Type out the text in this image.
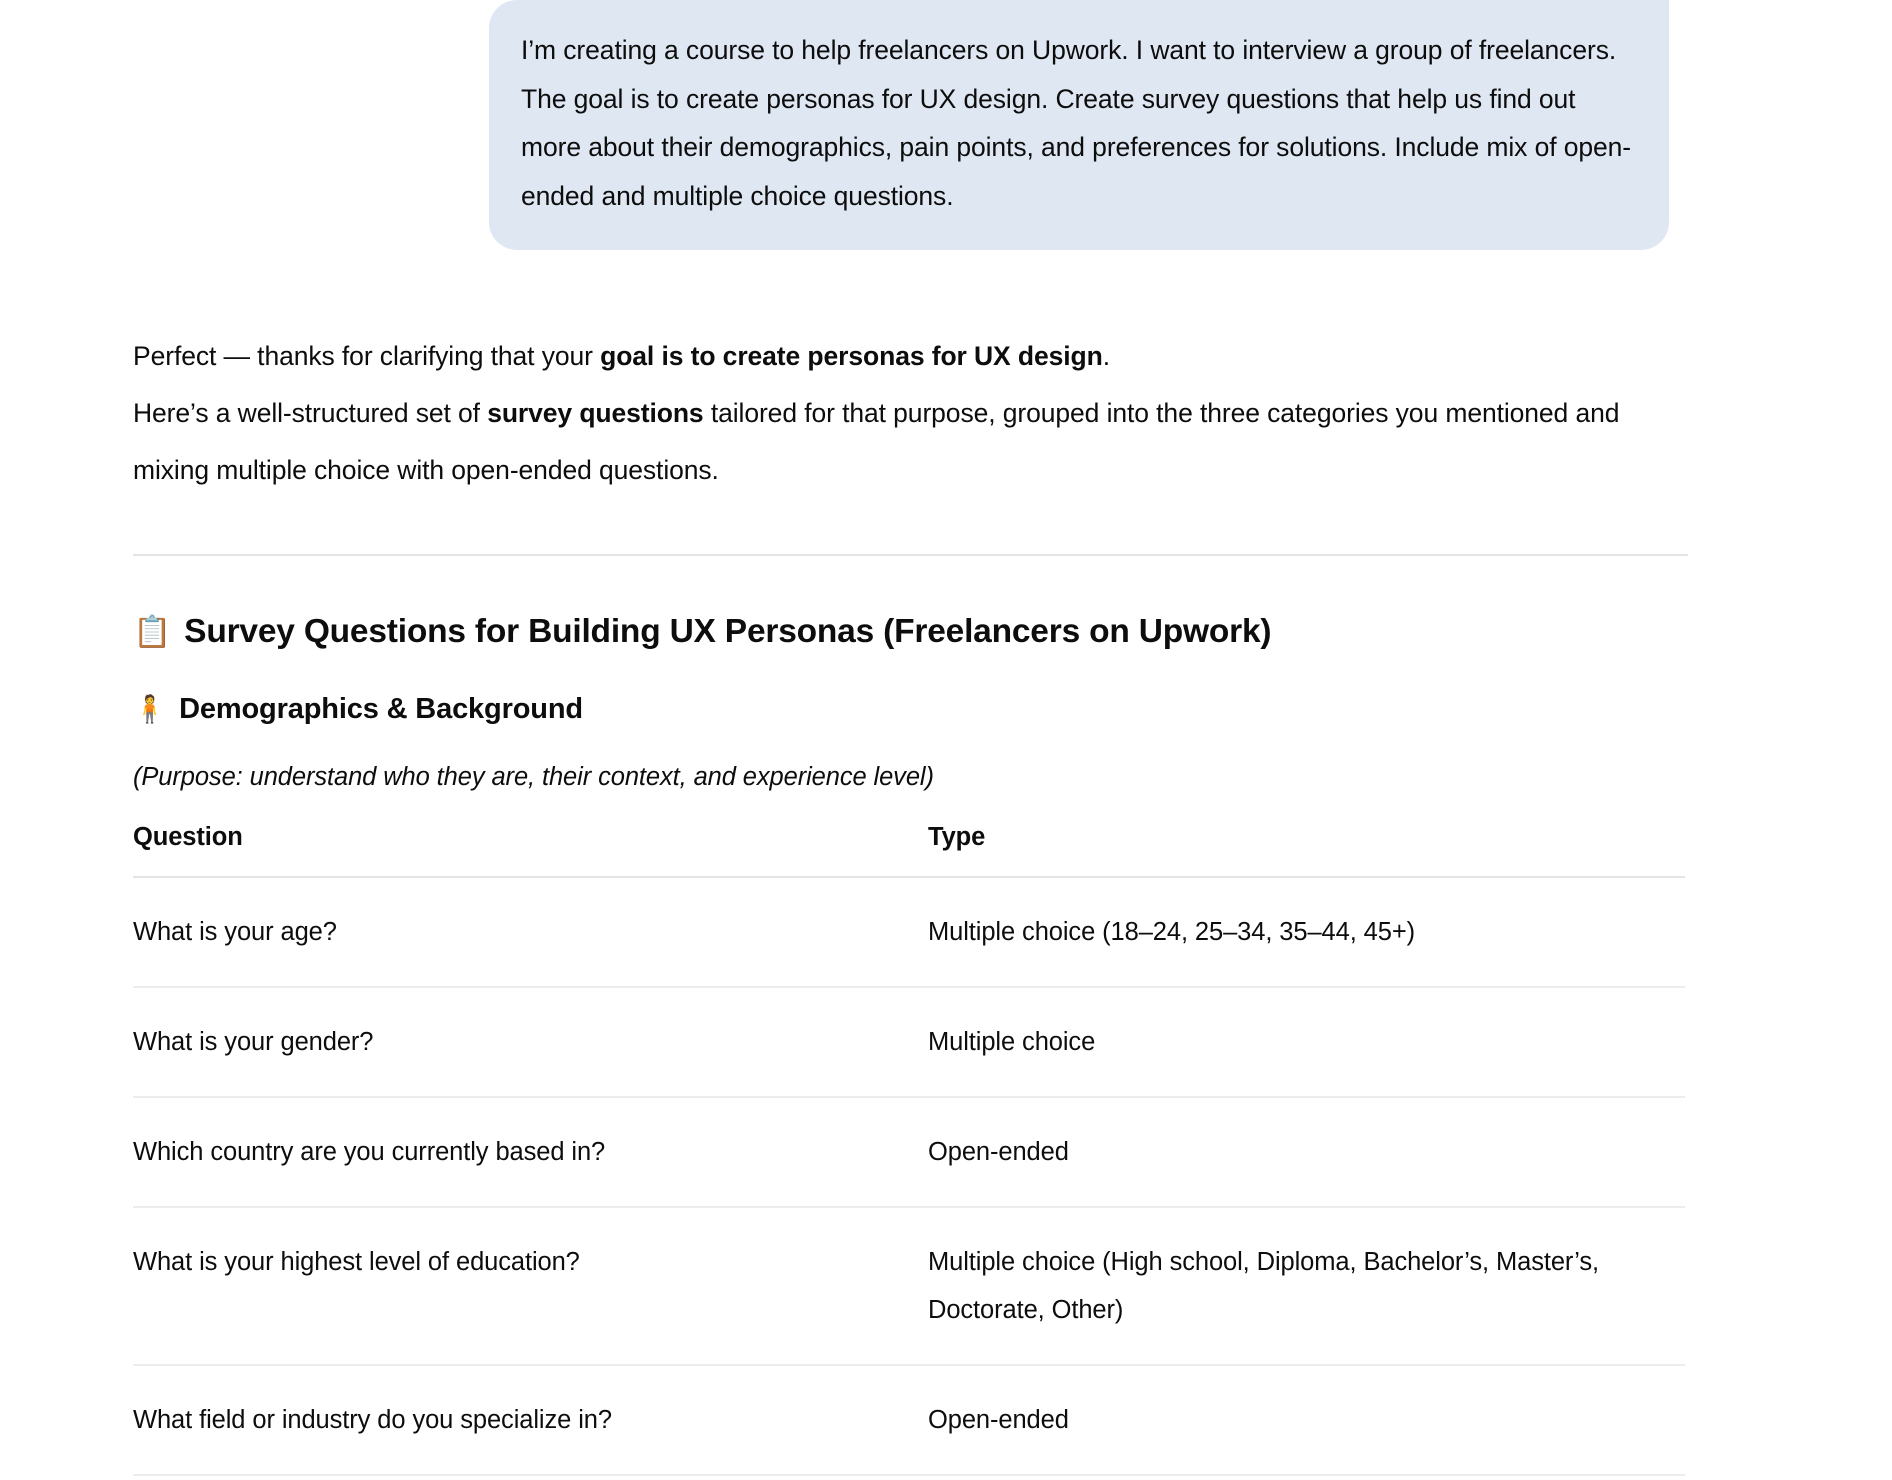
I’m creating a course to help freelancers on Upwork. I want to interview a group of freelancers. The goal is to create personas for UX design. Create survey questions that help us find out more about their demographics, pain points, and preferences for solutions. Include mix of open-ended and multiple choice questions.

Perfect — thanks for clarifying that your goal is to create personas for UX design.
Here’s a well-structured set of survey questions tailored for that purpose, grouped into the three categories you mentioned and mixing multiple choice with open-ended questions.

📋 Survey Questions for Building UX Personas (Freelancers on Upwork)
🧍 Demographics & Background

(Purpose: understand who they are, their context, and experience level)

Question	Type
What is your age?	Multiple choice (18–24, 25–34, 35–44, 45+)
What is your gender?	Multiple choice
Which country are you currently based in?	Open-ended
What is your highest level of education?	Multiple choice (High school, Diploma, Bachelor’s, Master’s, Doctorate, Other)
What field or industry do you specialize in?	Open-ended
